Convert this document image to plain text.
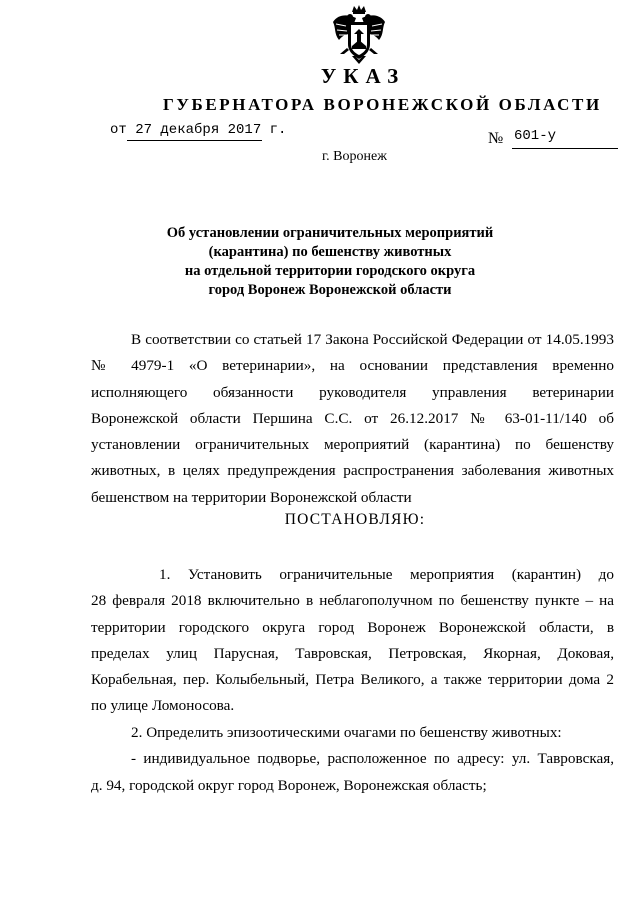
УКАЗ
ГУБЕРНАТОРА ВОРОНЕЖСКОЙ ОБЛАСТИ
от 27 декабря 2017 г.	№ 601-у
г. Воронеж
Об установлении ограничительных мероприятий
(карантина) по бешенству животных
на отдельной территории городского округа
город Воронеж Воронежской области
В соответствии со статьей 17 Закона Российской Федерации от 14.05.1993
№ 4979-1 «О ветеринарии», на основании представления временно
исполняющего обязанности руководителя управления ветеринарии
Воронежской области Першина С.С. от 26.12.2017 № 63-01-11/140 об
установлении ограничительных мероприятий (карантина) по бешенству
животных, в целях предупреждения распространения заболевания животных
бешенством на территории Воронежской области
ПОСТАНОВЛЯЮ:
1. Установить ограничительные мероприятия (карантин) до
28 февраля 2018 включительно в неблагополучном по бешенству пункте – на
территории городского округа город Воронеж Воронежской области, в
пределах улиц Парусная, Тавровская, Петровская, Якорная, Доковая,
Корабельная, пер. Колыбельный, Петра Великого, а также территории дома 2
по улице Ломоносова.
2. Определить эпизоотическими очагами по бешенству животных:
- индивидуальное подворье, расположенное по адресу: ул. Тавровская,
д. 94, городской округ город Воронеж, Воронежская область;
